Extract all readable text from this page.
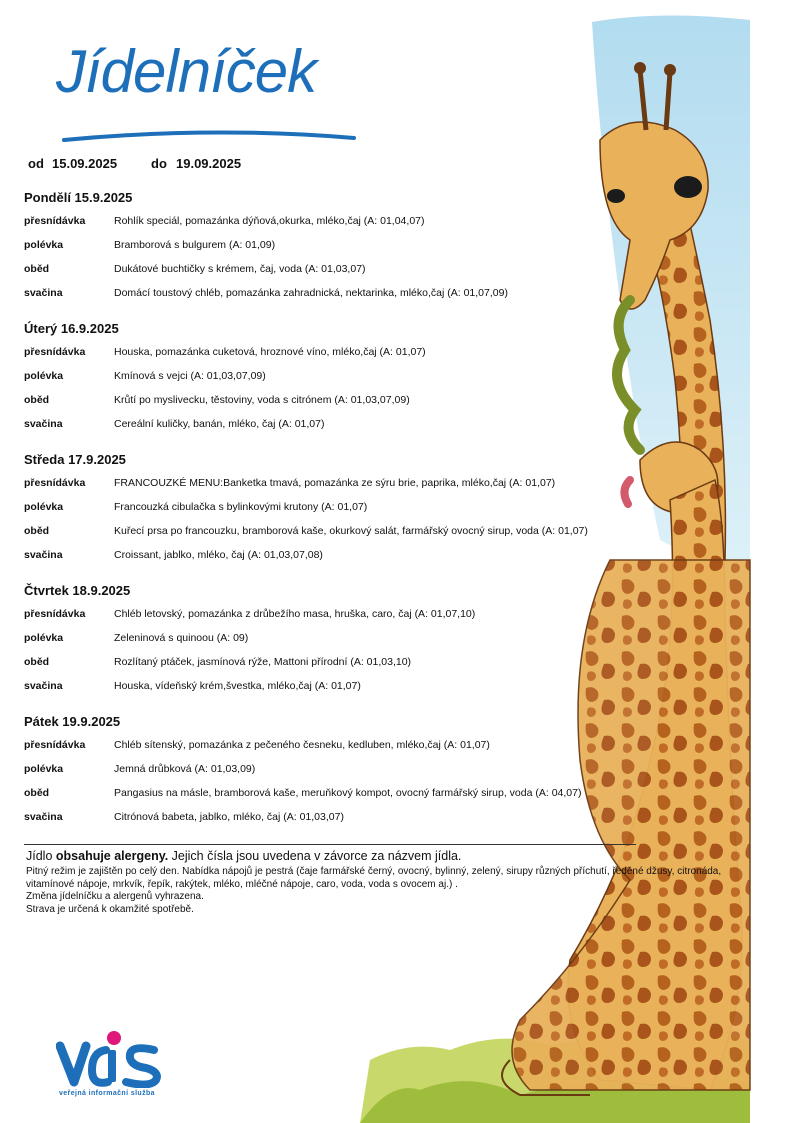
Jídelníček
od 15.09.2025	do 19.09.2025
Pondělí 15.9.2025
přesnídávka	Rohlík speciál, pomazánka dýňová,okurka, mléko,čaj (A: 01,04,07)
polévka	Bramborová s bulgurem (A: 01,09)
oběd	Dukátové buchtičky s krémem, čaj, voda (A: 01,03,07)
svačina	Domácí toustový chléb, pomazánka zahradnická, nektarinka, mléko,čaj (A: 01,07,09)
Úterý 16.9.2025
přesnídávka	Houska, pomazánka cuketová, hroznové víno, mléko,čaj (A: 01,07)
polévka	Kmínová s vejci (A: 01,03,07,09)
oběd	Krůtí po myslivecku, těstoviny, voda s citrónem (A: 01,03,07,09)
svačina	Cereální kuličky, banán, mléko, čaj (A: 01,07)
Středa 17.9.2025
přesnídávka	FRANCOUZKÉ MENU:Banketka tmavá, pomazánka ze sýru brie, paprika, mléko,čaj (A: 01,07)
polévka	Francouzká cibulačka s bylinkovými krutony (A: 01,07)
oběd	Kuřecí prsa po francouzku, bramborová kaše, okurkový salát, farmářský ovocný sirup, voda (A: 01,07)
svačina	Croissant, jablko, mléko, čaj (A: 01,03,07,08)
Čtvrtek 18.9.2025
přesnídávka	Chléb letovský, pomazánka z drůbežího masa, hruška, caro, čaj (A: 01,07,10)
polévka	Zeleninová s quinoou (A: 09)
oběd	Rozlítaný ptáček, jasmínová rýže, Mattoni přírodní (A: 01,03,10)
svačina	Houska, vídeňský krém,švestka, mléko,čaj (A: 01,07)
Pátek 19.9.2025
přesnídávka	Chléb sítenský, pomazánka z pečeného česneku, kedluben, mléko,čaj (A: 01,07)
polévka	Jemná drůbková (A: 01,03,09)
oběd	Pangasius na másle, bramborová kaše, meruňkový kompot, ovocný farmářský sirup, voda (A: 04,07)
svačina	Citrónová babeta, jablko, mléko, čaj (A: 01,03,07)
Jídlo obsahuje alergeny. Jejich čísla jsou uvedena v závorce za názvem jídla.

Pitný režim je zajištěn po celý den. Nabídka nápojů je pestrá (čaje farmářské černý, ovocný, bylinný, zelený, sirupy různých příchutí, ředěné džusy, citronáda, vitamínové nápoje, mrkvík, řepík, rakýtek, mléko, mléčné nápoje, caro, voda, voda s ovocem aj.) .

Změna jídelníčku a alergenů vyhrazena.

Strava je určená k okamžité spotřebě.

veřejná informační služba
